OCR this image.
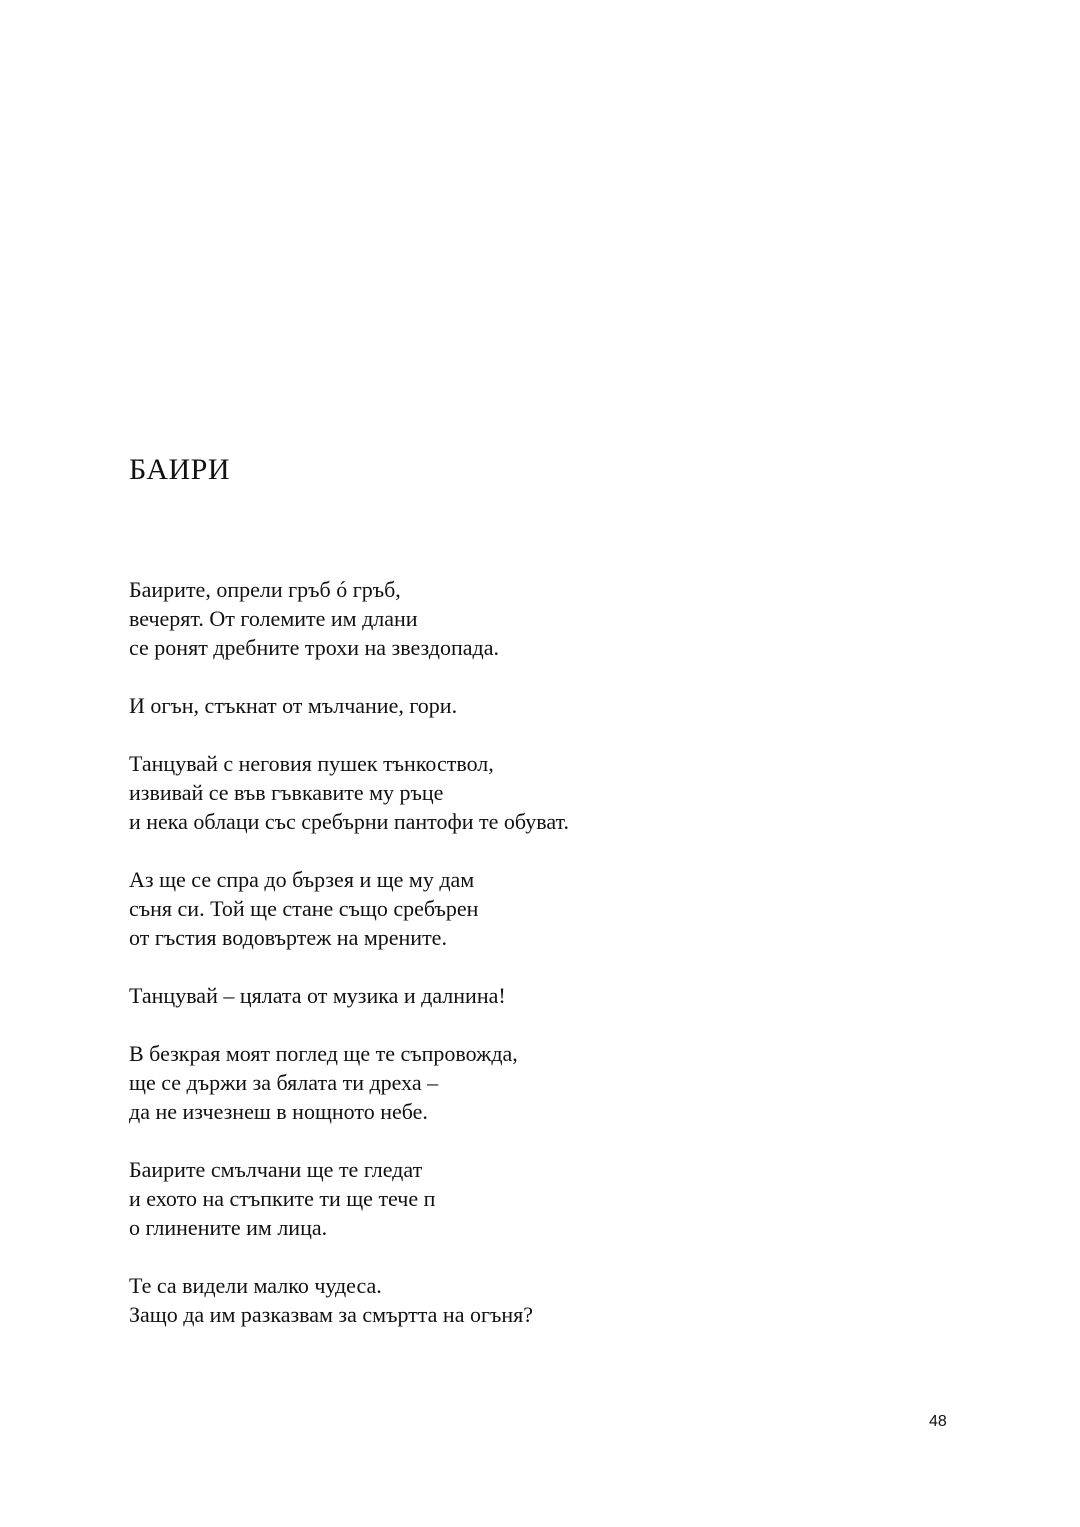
БАИРИ
Баирите, опрели гръб ó гръб,
вечерят. От големите им длани
се ронят дребните трохи на звездопада.
И огън, стъкнат от мълчание, гори.
Танцувай с неговия пушек тънкоствол,
извивай се във гъвкавите му ръце
и нека облаци със сребърни пантофи те обуват.
Аз ще се спра до бързея и ще му дам
съня си. Той ще стане също сребърен
от гъстия водовъртеж на мрените.
Танцувай – цялата от музика и далнина!
В безкрая моят поглед ще те съпровожда,
ще се държи за бялата ти дреха –
да не изчезнеш в нощното небе.
Баирите смълчани ще те гледат
и ехото на стъпките ти ще тече п
о глинените им лица.
Те са видели малко чудеса.
Защо да им разказвам за смъртта на огъня?
48
